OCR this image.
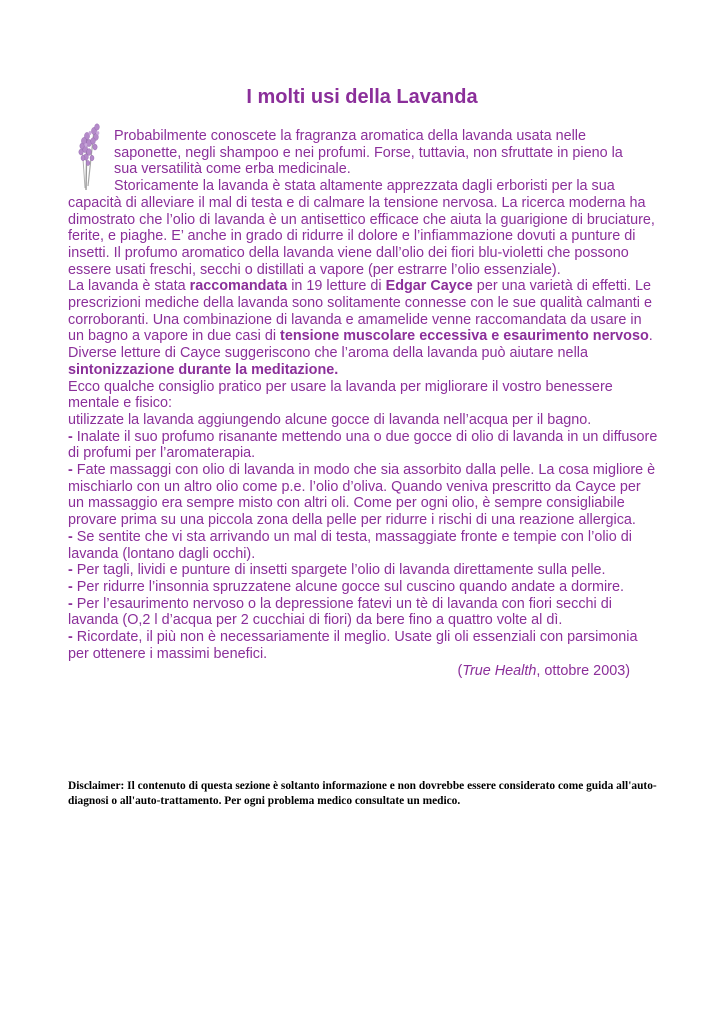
I molti usi della Lavanda

Probabilmente conoscete la fragranza aromatica della lavanda usata nelle

saponette, negli shampoo e nei profumi. Forse, tuttavia, non sfruttate in pieno la

sua versatilità come erba medicinale.

Storicamente la lavanda è stata altamente apprezzata dagli erboristi per la sua

capacità di alleviare il mal di testa e di calmare la tensione nervosa. La ricerca moderna ha dimostrato che l’olio di lavanda è un antisettico efficace che aiuta la guarigione di bruciature, ferite, e piaghe. E’ anche in grado di ridurre il dolore e l’infiammazione dovuti a punture di insetti. Il profumo aromatico della lavanda viene dall’olio dei fiori blu-violetti che possono essere usati freschi, secchi o distillati a vapore (per estrarre l’olio essenziale).

La lavanda è stata raccomandata in 19 letture di Edgar Cayce per una varietà di effetti. Le prescrizioni mediche della lavanda sono solitamente connesse con le sue qualità calmanti e corroboranti. Una combinazione di lavanda e amamelide venne raccomandata da usare in un bagno a vapore in due casi di tensione muscolare eccessiva e esaurimento nervoso. Diverse letture di Cayce suggeriscono che l’aroma della lavanda può aiutare nella sintonizzazione durante la meditazione.

Ecco qualche consiglio pratico per usare la lavanda per migliorare il vostro benessere mentale e fisico:

utilizzate la lavanda aggiungendo alcune gocce di lavanda nell’acqua per il bagno.

- Inalate il suo profumo risanante mettendo una o due gocce di olio di lavanda in un diffusore di profumi per l’aromaterapia.

- Fate massaggi con olio di lavanda in modo che sia assorbito dalla pelle. La cosa migliore è mischiarlo con un altro olio come p.e. l’olio d’oliva. Quando veniva prescritto da Cayce per un massaggio era sempre misto con altri oli. Come per ogni olio, è sempre consigliabile provare prima su una piccola zona della pelle per ridurre i rischi di una reazione allergica.

- Se sentite che vi sta arrivando un mal di testa, massaggiate fronte e tempie con l’olio di lavanda (lontano dagli occhi).

- Per tagli, lividi e punture di insetti spargete l’olio di lavanda direttamente sulla pelle.

- Per ridurre l’insonnia spruzzatene alcune gocce sul cuscino quando andate a dormire.

- Per l’esaurimento nervoso o la depressione fatevi un tè di lavanda con fiori secchi di lavanda (O,2 l d’acqua per 2 cucchiai di fiori) da bere fino a quattro volte al dì.

- Ricordate, il più non è necessariamente il meglio. Usate gli oli essenziali con parsimonia per ottenere i massimi benefici.

(True Health, ottobre 2003)

Disclaimer: Il contenuto di questa sezione è soltanto informazione e non dovrebbe essere considerato come guida all'auto-diagnosi o all'auto-trattamento. Per ogni problema medico consultate un medico.
